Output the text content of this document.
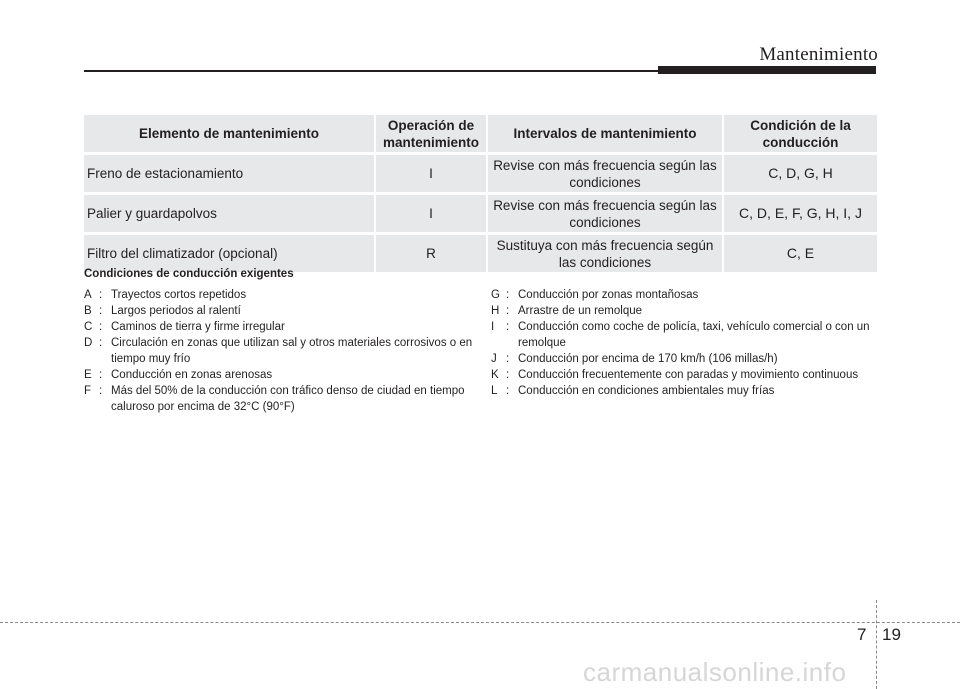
Mantenimiento
Elemento de mantenimiento	Operación de mantenimiento	Intervalos de mantenimiento	Condición de la conducción
Freno de estacionamiento	I	Revise con más frecuencia según las condiciones	C, D, G, H
Palier y guardapolvos	I	Revise con más frecuencia según las condiciones	C, D, E, F, G, H, I, J
Filtro del climatizador (opcional)	R	Sustituya con más frecuencia según las condiciones	C, E
Condiciones de conducción exigentes
A : Trayectos cortos repetidos
B : Largos periodos al ralentí
C : Caminos de tierra y firme irregular
D : Circulación en zonas que utilizan sal y otros materiales corrosivos o en tiempo muy frío
E : Conducción en zonas arenosas
F : Más del 50% de la conducción con tráfico denso de ciudad en tiempo caluroso por encima de 32°C (90°F)
G : Conducción por zonas montañosas
H : Arrastre de un remolque
I	: Conducción como coche de policía, taxi, vehículo comercial o con un remolque
J : Conducción por encima de 170 km/h (106 millas/h)
K : Conducción frecuentemente con paradas y movimiento continuous
L : Conducción en condiciones ambientales muy frías
7 19
carmanualsonline.info
